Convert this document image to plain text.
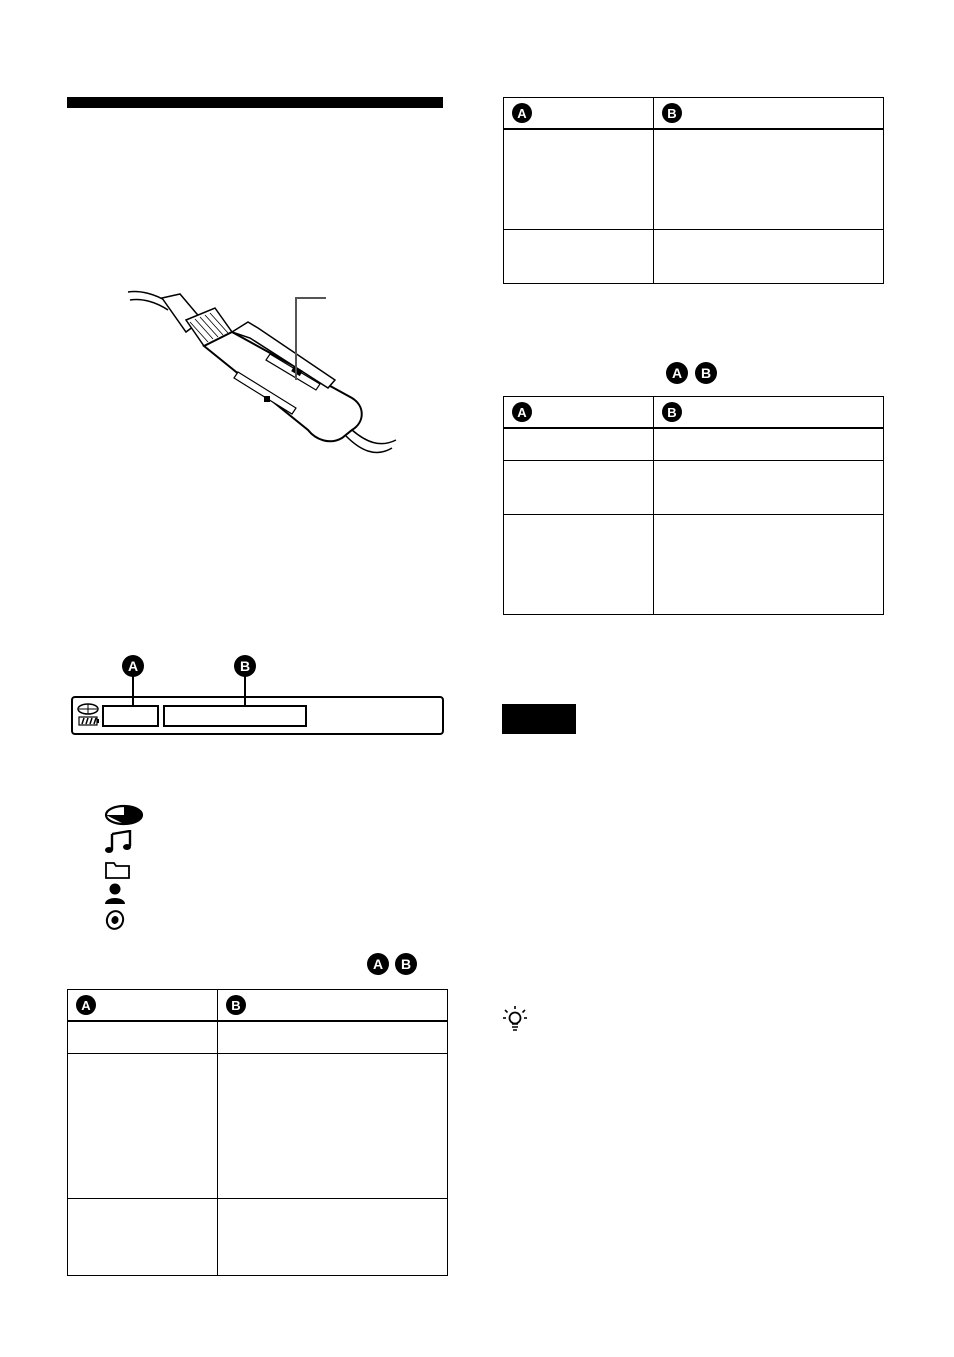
A	B
A	B
A	B

A	B

A	B
A	B
